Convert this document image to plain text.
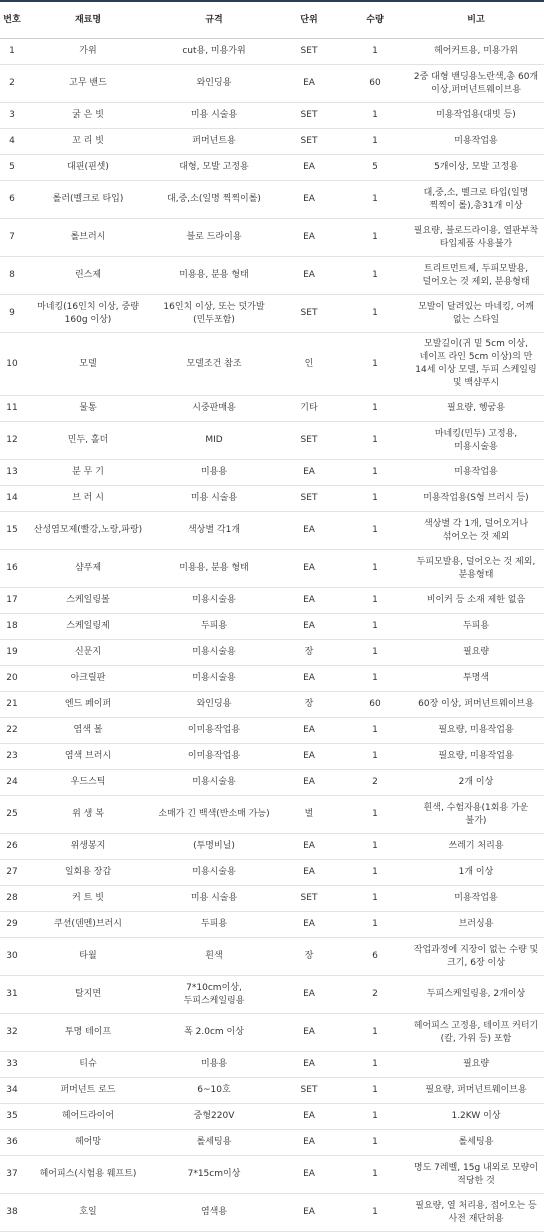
번호	재료명	규격	단위	수량	비고
1	가위	cut용, 미용가위	SET	1	헤어커트용, 미용가위
2	고무 밴드	와인딩용	EA	60	2중 대형 밴딩용노란색,총 60개 이상,퍼머넌트웨이브용
3	굵 은 빗	미용 시술용	SET	1	미용작업용(대빗 등)
4	꼬 리 빗	퍼머넌트용	SET	1	미용작업용
5	대핀(핀셋)	대형, 모발 고정용	EA	5	5개이상, 모발 고정용
6	롤러(벨크로 타입)	대,중,소(일명 찍찍이롤)	EA	1	대,중,소, 벨크로 타입(일명 찍찍이 롤),총31개 이상
7	롤브러시	블로 드라이용	EA	1	필요량, 블로드라이용, 열판부착 타입제품 사용불가
8	린스제	미용용, 분용 형태	EA	1	트리트먼트제, 두피모발용,덜어오는 것 제외, 분용형태
9	마네킹(16인치 이상, 중량 160g 이상)	16인치 이상, 또는 덧가발(민두포함)	SET	1	모발이 달려있는 마네킹, 어깨 없는 스타일
10	모델	모델조건 참조	인	1	모발길이(귀 밑 5cm 이상, 네이프 라인 5cm 이상)의 만 14세 이상 모델, 두피 스케일링 및 백샴푸시
11	물통	시중판매용	기타	1	필요량, 헹굼용
12	민두, 홀더	MID	SET	1	마네킹(민두) 고정용, 미용시술용
13	분 무 기	미용용	EA	1	미용작업용
14	브 러 시	미용 시술용	SET	1	미용작업용(S형 브러시 등)
15	산성염모제(빨강,노랑,파랑)	색상별 각1개	EA	1	색상별 각 1개, 덜어오거나 섞어오는 것 제외
16	샴푸제	미용용, 분용 형태	EA	1	두피모발용, 덜어오는 것 제외, 분용형태
17	스케일링볼	미용시술용	EA	1	비이커 등 소재 제한 없음
18	스케일링제	두피용	EA	1	두피용
19	신문지	미용시술용	장	1	필요량
20	아크릴판	미용시술용	EA	1	투명색
21	엔드 페이퍼	와인딩용	장	60	60장 이상, 퍼머넌트웨이브용
22	염색 볼	이미용작업용	EA	1	필요량, 미용작업용
23	염색 브러시	이미용작업용	EA	1	필요량, 미용작업용
24	우드스틱	미용시술용	EA	2	2개 이상
25	위 생 복	소매가 긴 백색(반소매 가능)	벌	1	흰색, 수험자용(1회용 가운 불가)
26	위생봉지	(투명비닐)	EA	1	쓰레기 처리용
27	일회용 장갑	미용시술용	EA	1	1개 이상
28	커 트 빗	미용 시술용	SET	1	미용작업용
29	쿠션(덴멘)브러시	두피용	EA	1	브러싱용
30	타월	흰색	장	6	작업과정에 지장이 없는 수량 및 크기, 6장 이상
31	탈지면	7*10cm이상, 두피스케일링용	EA	2	두피스케일링용, 2개이상
32	투명 테이프	폭 2.0cm 이상	EA	1	헤어피스 고정용, 테이프 커터기 (칼, 가위 등) 포함
33	티슈	미용용	EA	1	필요량
34	퍼머넌트 로드	6~10호	SET	1	필요량, 퍼머넌트웨이브용
35	헤어드라이어	중형220V	EA	1	1.2KW 이상
36	헤어망	롤세팅용	EA	1	롤세팅용
37	헤어피스(시험용 웨프트)	7*15cm이상	EA	1	명도 7레벨, 15g 내외로 모량이 적당한 것
38	호일	염색용	EA	1	필요량, 열 처리용, 접어오는 등 사전 재단허용
